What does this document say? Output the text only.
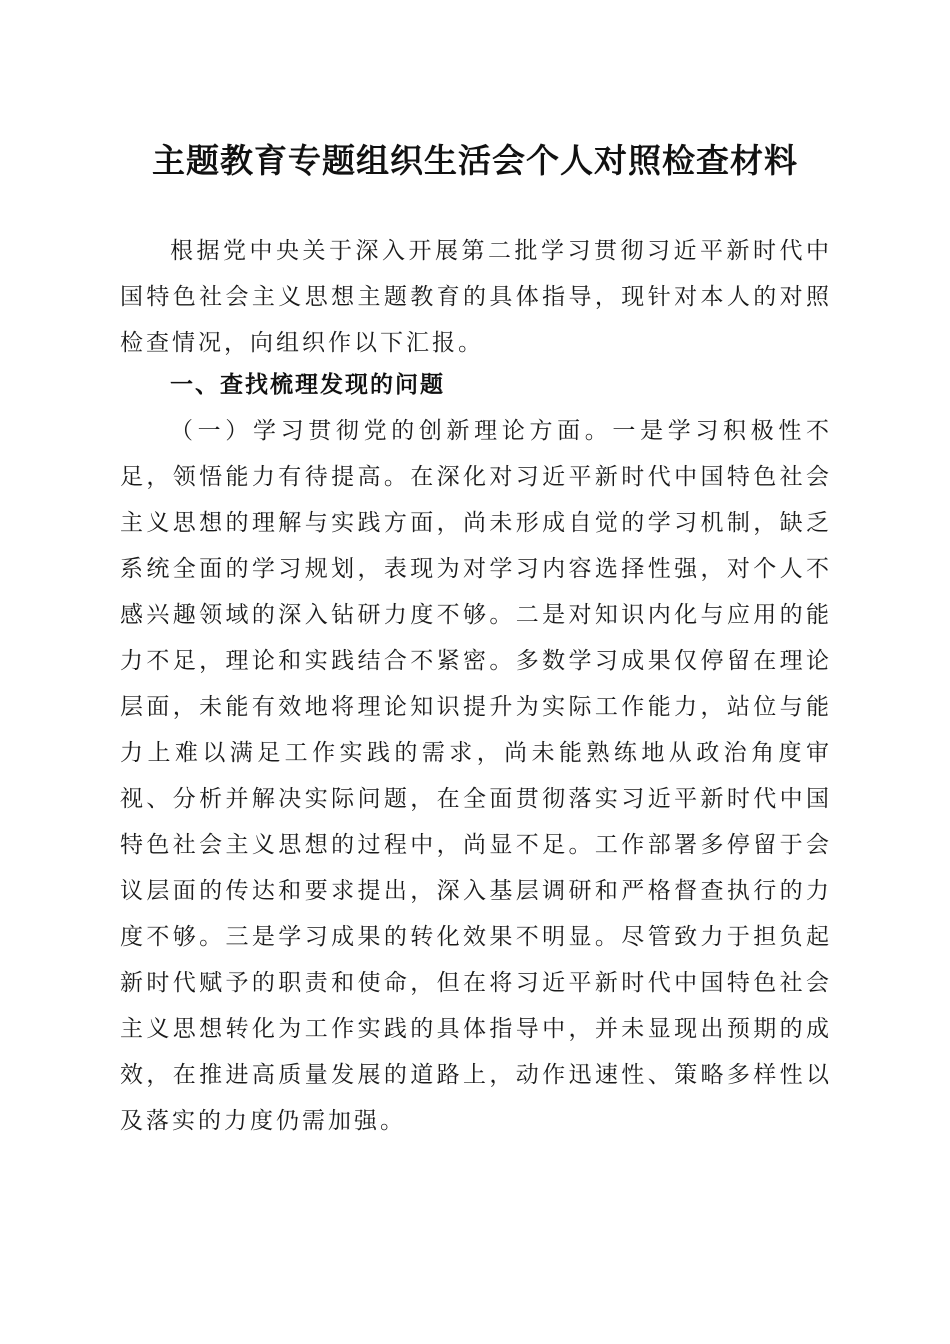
主题教育专题组织生活会个人对照检查材料

根据党中央关于深入开展第二批学习贯彻习近平新时代中国特色社会主义思想主题教育的具体指导，现针对本人的对照检查情况，向组织作以下汇报。

一、查找梳理发现的问题

（一）学习贯彻党的创新理论方面。一是学习积极性不足，领悟能力有待提高。在深化对习近平新时代中国特色社会主义思想的理解与实践方面，尚未形成自觉的学习机制，缺乏系统全面的学习规划，表现为对学习内容选择性强，对个人不感兴趣领域的深入钻研力度不够。二是对知识内化与应用的能力不足，理论和实践结合不紧密。多数学习成果仅停留在理论层面，未能有效地将理论知识提升为实际工作能力，站位与能力上难以满足工作实践的需求，尚未能熟练地从政治角度审视、分析并解决实际问题，在全面贯彻落实习近平新时代中国特色社会主义思想的过程中，尚显不足。工作部署多停留于会议层面的传达和要求提出，深入基层调研和严格督查执行的力度不够。三是学习成果的转化效果不明显。尽管致力于担负起新时代赋予的职责和使命，但在将习近平新时代中国特色社会主义思想转化为工作实践的具体指导中，并未显现出预期的成效，在推进高质量发展的道路上，动作迅速性、策略多样性以及落实的力度仍需加强。
